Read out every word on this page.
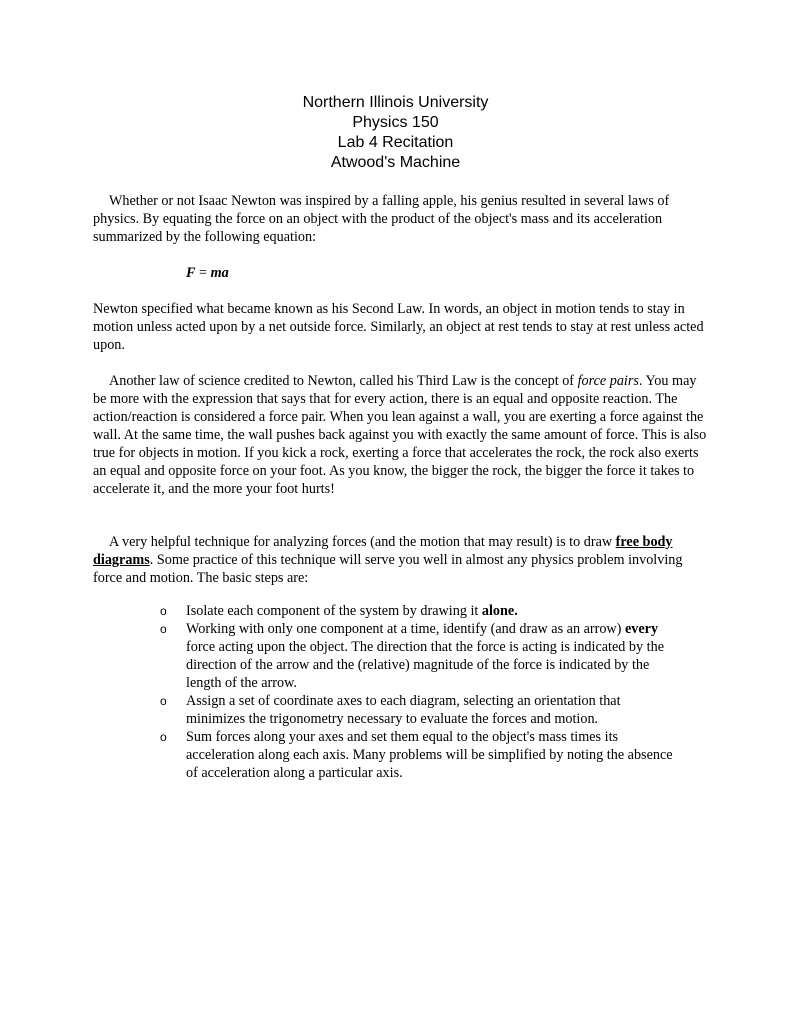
Northern Illinois University
Physics 150
Lab 4 Recitation
Atwood's Machine

Whether or not Isaac Newton was inspired by a falling apple, his genius resulted in several laws of physics. By equating the force on an object with the product of the object's mass and its acceleration summarized by the following equation:

F = ma

Newton specified what became known as his Second Law. In words, an object in motion tends to stay in motion unless acted upon by a net outside force. Similarly, an object at rest tends to stay at rest unless acted upon.

Another law of science credited to Newton, called his Third Law is the concept of force pairs. You may be more with the expression that says that for every action, there is an equal and opposite reaction. The action/reaction is considered a force pair. When you lean against a wall, you are exerting a force against the wall. At the same time, the wall pushes back against you with exactly the same amount of force. This is also true for objects in motion. If you kick a rock, exerting a force that accelerates the rock, the rock also exerts an equal and opposite force on your foot. As you know, the bigger the rock, the bigger the force it takes to accelerate it, and the more your foot hurts!

A very helpful technique for analyzing forces (and the motion that may result) is to draw free body diagrams. Some practice of this technique will serve you well in almost any physics problem involving force and motion. The basic steps are:

o Isolate each component of the system by drawing it alone.
o Working with only one component at a time, identify (and draw as an arrow) every force acting upon the object. The direction that the force is acting is indicated by the direction of the arrow and the (relative) magnitude of the force is indicated by the length of the arrow.
o Assign a set of coordinate axes to each diagram, selecting an orientation that minimizes the trigonometry necessary to evaluate the forces and motion.
o Sum forces along your axes and set them equal to the object's mass times its acceleration along each axis. Many problems will be simplified by noting the absence of acceleration along a particular axis.
